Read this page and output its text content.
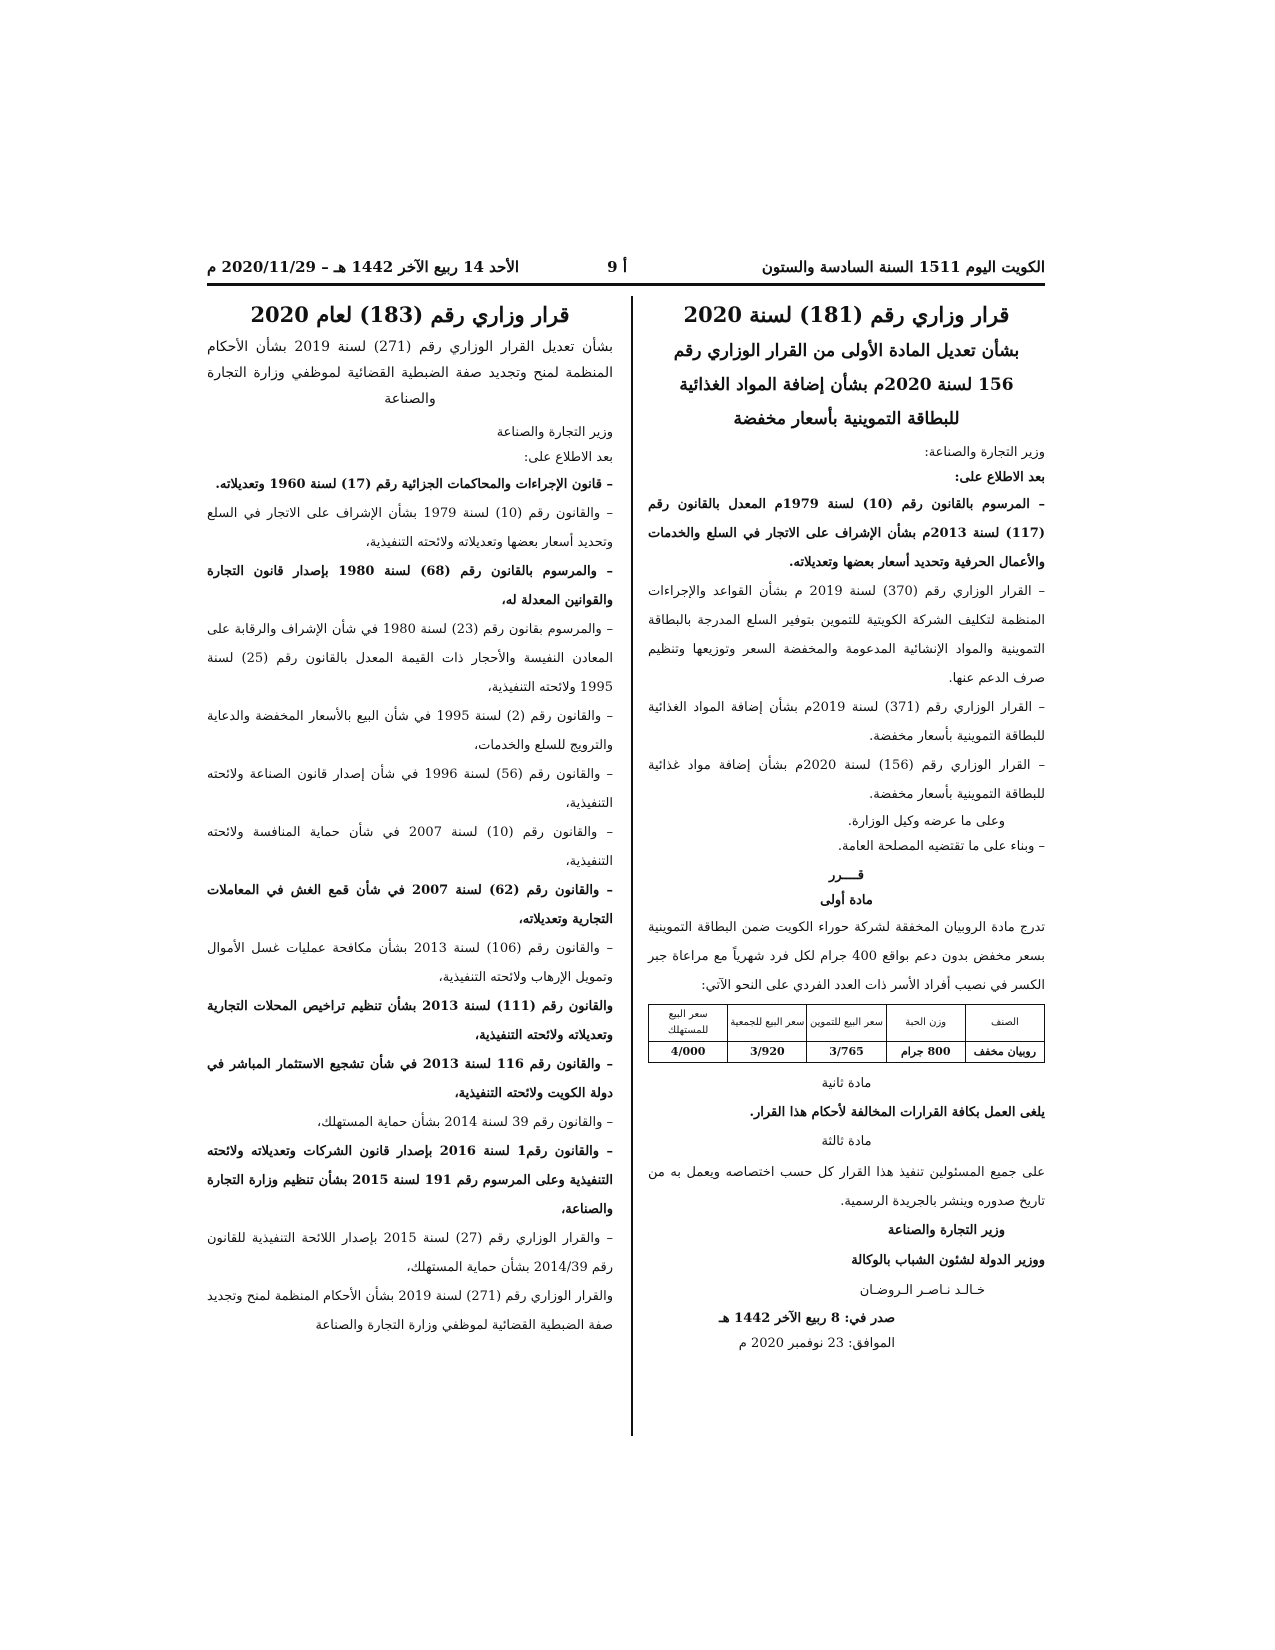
الكويت اليوم 1511 السنة السادسة والستون
أ 9
الأحد 14 ربيع الآخر 1442 هـ – 2020/11/29 م

قرار وزاري رقم (181) لسنة 2020

بشأن تعديل المادة الأولى من القرار الوزاري رقم

156 لسنة 2020م بشأن إضافة المواد الغذائية

للبطاقة التموينية بأسعار مخفضة

وزير التجارة والصناعة:

بعد الاطلاع على:

– المرسوم بالقانون رقم (10) لسنة 1979م المعدل بالقانون رقم (117) لسنة 2013م بشأن الإشراف على الاتجار في السلع والخدمات والأعمال الحرفية وتحديد أسعار بعضها وتعديلاته.

– القرار الوزاري رقم (370) لسنة 2019 م بشأن القواعد والإجراءات المنظمة لتكليف الشركة الكويتية للتموين بتوفير السلع المدرجة بالبطاقة التموينية والمواد الإنشائية المدعومة والمخفضة السعر وتوزيعها وتنظيم صرف الدعم عنها.

– القرار الوزاري رقم (371) لسنة 2019م بشأن إضافة المواد الغذائية للبطاقة التموينية بأسعار مخفضة.

– القرار الوزاري رقم (156) لسنة 2020م بشأن إضافة مواد غذائية للبطاقة التموينية بأسعار مخفضة.

وعلى ما عرضه وكيل الوزارة.

– وبناء على ما تقتضيه المصلحة العامة.

قــــرر

مادة أولى

تدرج مادة الروبيان المخفقة لشركة حوراء الكويت ضمن البطاقة التموينية بسعر مخفض بدون دعم بواقع 400 جرام لكل فرد شهرياً مع مراعاة جبر الكسر في نصيب أفراد الأسر ذات العدد الفردي على النحو الآتي:

الصنف	وزن الحبة	سعر البيع للتموين	سعر البيع للجمعية	سعر البيع للمستهلك
روبيان مخفف	800 جرام	3/765	3/920	4/000

مادة ثانية

يلغى العمل بكافة القرارات المخالفة لأحكام هذا القرار.

مادة ثالثة

على جميع المسئولين تنفيذ هذا القرار كل حسب اختصاصه ويعمل به من تاريخ صدوره وينشر بالجريدة الرسمية.

وزير التجارة والصناعة

ووزير الدولة لشئون الشباب بالوكالة

خـالـد نـاصـر الـروضـان

صدر في: 8 ربيع الآخر 1442 هـ

الموافق: 23 نوفمبر 2020 م

قرار وزاري رقم (183) لعام 2020

بشأن تعديل القرار الوزاري رقم (271) لسنة 2019 بشأن الأحكام المنظمة لمنح وتجديد صفة الضبطية القضائية لموظفي وزارة التجارة والصناعة

وزير التجارة والصناعة

بعد الاطلاع على:

– قانون الإجراءات والمحاكمات الجزائية رقم (17) لسنة 1960 وتعديلاته.

– والقانون رقم (10) لسنة 1979 بشأن الإشراف على الاتجار في السلع وتحديد أسعار بعضها وتعديلاته ولائحته التنفيذية،

– والمرسوم بالقانون رقم (68) لسنة 1980 بإصدار قانون التجارة والقوانين المعدلة له،

– والمرسوم بقانون رقم (23) لسنة 1980 في شأن الإشراف والرقابة على المعادن النفيسة والأحجار ذات القيمة المعدل بالقانون رقم (25) لسنة 1995 ولائحته التنفيذية،

– والقانون رقم (2) لسنة 1995 في شأن البيع بالأسعار المخفضة والدعاية والترويج للسلع والخدمات،

– والقانون رقم (56) لسنة 1996 في شأن إصدار قانون الصناعة ولائحته التنفيذية،

– والقانون رقم (10) لسنة 2007 في شأن حماية المنافسة ولائحته التنفيذية،

– والقانون رقم (62) لسنة 2007 في شأن قمع الغش في المعاملات التجارية وتعديلاته،

– والقانون رقم (106) لسنة 2013 بشأن مكافحة عمليات غسل الأموال وتمويل الإرهاب ولائحته التنفيذية،

والقانون رقم (111) لسنة 2013 بشأن تنظيم تراخيص المحلات التجارية وتعديلاته ولائحته التنفيذية،

– والقانون رقم 116 لسنة 2013 في شأن تشجيع الاستثمار المباشر في دولة الكويت ولائحته التنفيذية،

– والقانون رقم 39 لسنة 2014 بشأن حماية المستهلك،

– والقانون رقم1 لسنة 2016 بإصدار قانون الشركات وتعديلاته ولائحته التنفيذية وعلى المرسوم رقم 191 لسنة 2015 بشأن تنظيم وزارة التجارة والصناعة،

– والقرار الوزاري رقم (27) لسنة 2015 بإصدار اللائحة التنفيذية للقانون رقم 2014/39 بشأن حماية المستهلك،

والقرار الوزاري رقم (271) لسنة 2019 بشأن الأحكام المنظمة لمنح وتجديد صفة الضبطية القضائية لموظفي وزارة التجارة والصناعة
